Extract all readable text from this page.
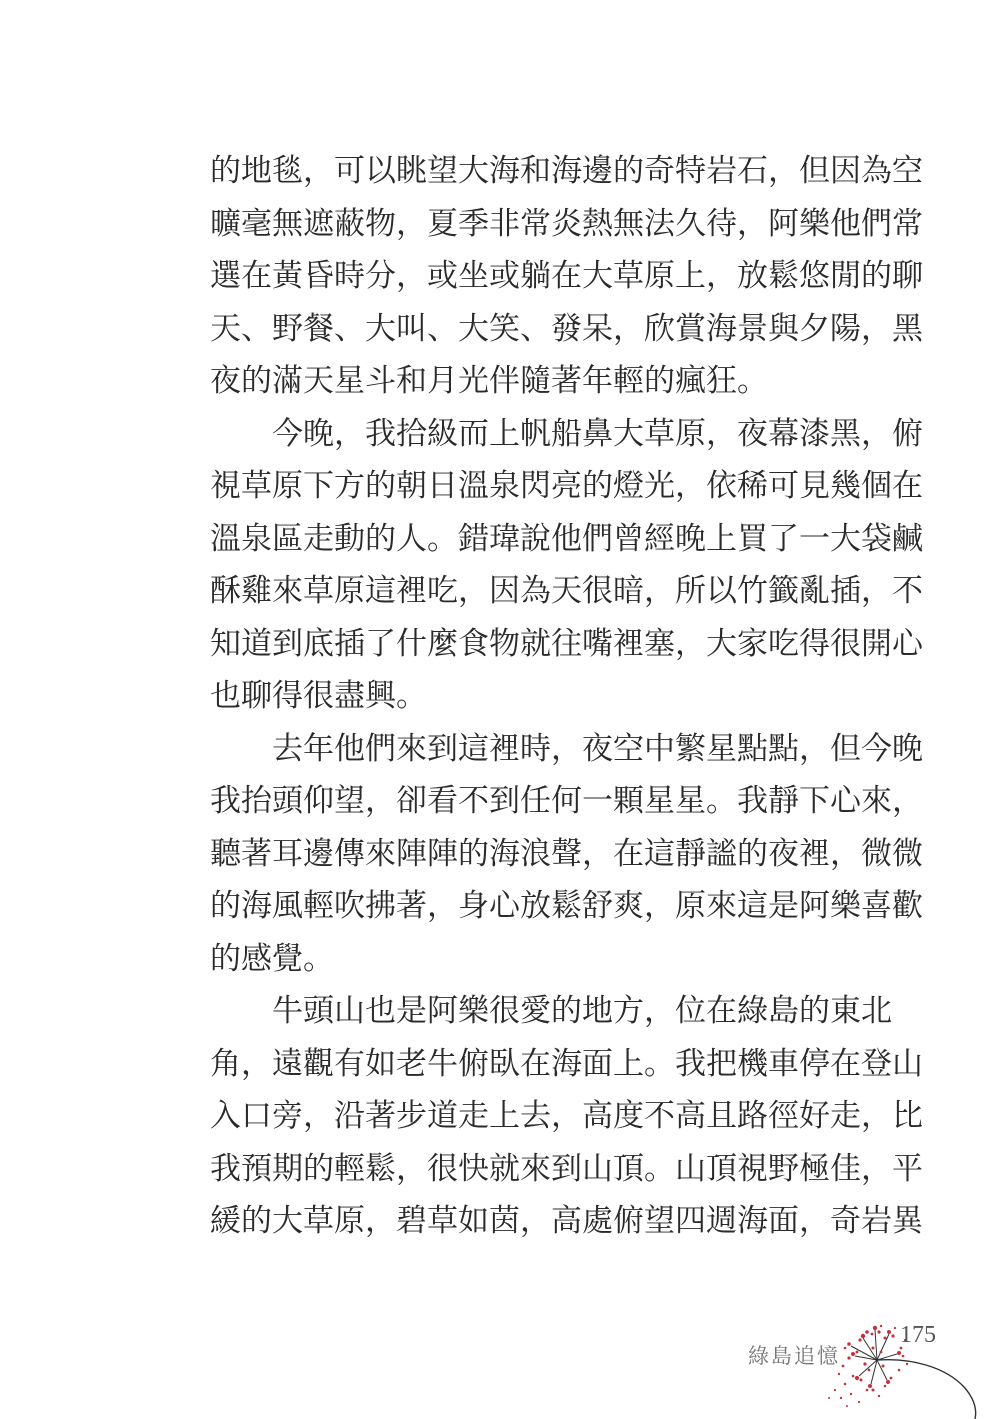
的地毯，可以眺望大海和海邊的奇特岩石，但因為空
曠毫無遮蔽物，夏季非常炎熱無法久待，阿樂他們常
選在黃昏時分，或坐或躺在大草原上，放鬆悠閒的聊
天、野餐、大叫、大笑、發呆，欣賞海景與夕陽，黑
夜的滿天星斗和月光伴隨著年輕的瘋狂。
今晚，我拾級而上帆船鼻大草原，夜幕漆黑，俯
視草原下方的朝日溫泉閃亮的燈光，依稀可見幾個在
溫泉區走動的人。錯瑋說他們曾經晚上買了一大袋鹹
酥雞來草原這裡吃，因為天很暗，所以竹籤亂插，不
知道到底插了什麼食物就往嘴裡塞，大家吃得很開心
也聊得很盡興。
去年他們來到這裡時，夜空中繁星點點，但今晚
我抬頭仰望，卻看不到任何一顆星星。我靜下心來，
聽著耳邊傳來陣陣的海浪聲，在這靜謐的夜裡，微微
的海風輕吹拂著，身心放鬆舒爽，原來這是阿樂喜歡
的感覺。
牛頭山也是阿樂很愛的地方，位在綠島的東北
角，遠觀有如老牛俯臥在海面上。我把機車停在登山
入口旁，沿著步道走上去，高度不高且路徑好走，比
我預期的輕鬆，很快就來到山頂。山頂視野極佳，平
緩的大草原，碧草如茵，高處俯望四週海面，奇岩異
綠島追憶
175
